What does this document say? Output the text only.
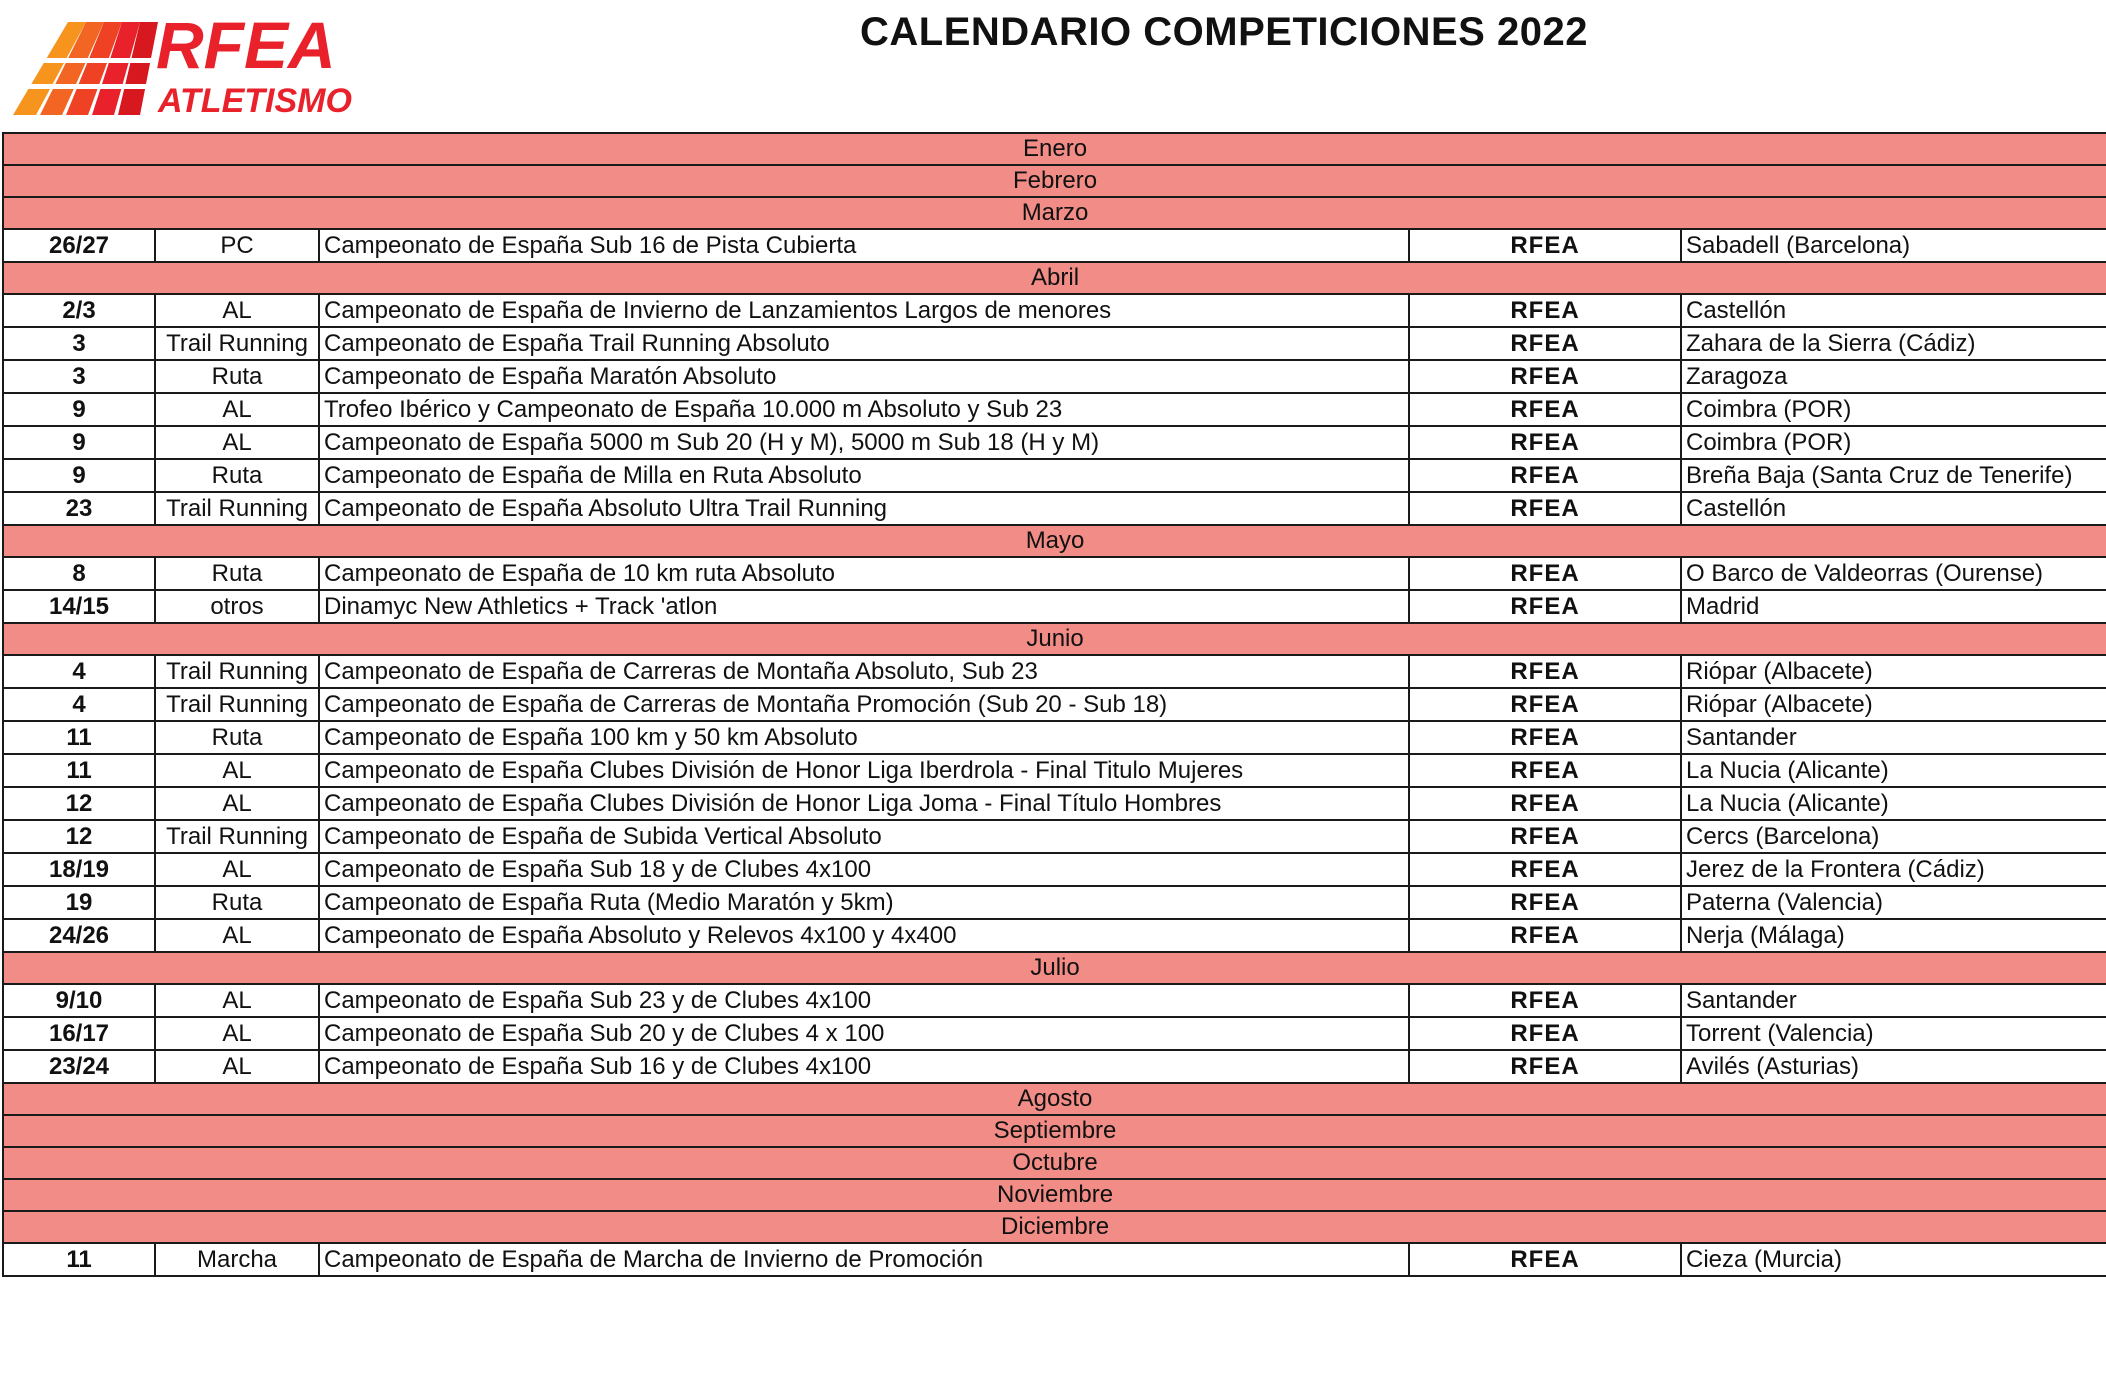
RFEA
ATLETISMO
CALENDARIO COMPETICIONES 2022
Enero				
Febrero				
Marzo				
26/27	PC	Campeonato de España Sub 16 de Pista Cubierta	RFEA	Sabadell (Barcelona)
Abril				
2/3	AL	Campeonato de España de Invierno de Lanzamientos Largos de menores	RFEA	Castellón
3	Trail Running	Campeonato de España Trail Running Absoluto	RFEA	Zahara de la Sierra (Cádiz)
3	Ruta	Campeonato de España Maratón Absoluto	RFEA	Zaragoza
9	AL	Trofeo Ibérico y Campeonato de España 10.000 m Absoluto y Sub 23	RFEA	Coimbra (POR)
9	AL	Campeonato de España 5000 m Sub 20 (H y M), 5000 m Sub 18 (H y M)	RFEA	Coimbra (POR)
9	Ruta	Campeonato de España de Milla en Ruta Absoluto	RFEA	Breña Baja (Santa Cruz de Tenerife)
23	Trail Running	Campeonato de España Absoluto Ultra Trail Running	RFEA	Castellón
Mayo				
8	Ruta	Campeonato de España de 10 km ruta Absoluto	RFEA	O Barco de Valdeorras (Ourense)
14/15	otros	Dinamyc New Athletics + Track 'atlon	RFEA	Madrid
Junio				
4	Trail Running	Campeonato de España de Carreras de Montaña Absoluto, Sub 23	RFEA	Riópar (Albacete)
4	Trail Running	Campeonato de España de Carreras de Montaña Promoción (Sub 20 - Sub 18)	RFEA	Riópar (Albacete)
11	Ruta	Campeonato de España 100 km y 50 km Absoluto	RFEA	Santander
11	AL	Campeonato de España Clubes División de Honor Liga Iberdrola - Final Titulo Mujeres	RFEA	La Nucia (Alicante)
12	AL	Campeonato de España Clubes División de Honor Liga Joma - Final Título Hombres	RFEA	La Nucia (Alicante)
12	Trail Running	Campeonato de España de Subida Vertical Absoluto	RFEA	Cercs (Barcelona)
18/19	AL	Campeonato de España Sub 18 y de Clubes 4x100	RFEA	Jerez de la Frontera (Cádiz)
19	Ruta	Campeonato de España Ruta (Medio Maratón y 5km)	RFEA	Paterna (Valencia)
24/26	AL	Campeonato de España Absoluto y Relevos 4x100 y 4x400	RFEA	Nerja (Málaga)
Julio				
9/10	AL	Campeonato de España Sub 23 y de Clubes 4x100	RFEA	Santander
16/17	AL	Campeonato de España Sub 20 y de Clubes 4 x 100	RFEA	Torrent (Valencia)
23/24	AL	Campeonato de España Sub 16 y de Clubes 4x100	RFEA	Avilés (Asturias)
Agosto				
Septiembre				
Octubre				
Noviembre				
Diciembre				
11	Marcha	Campeonato de España de Marcha de Invierno de Promoción	RFEA	Cieza (Murcia)
